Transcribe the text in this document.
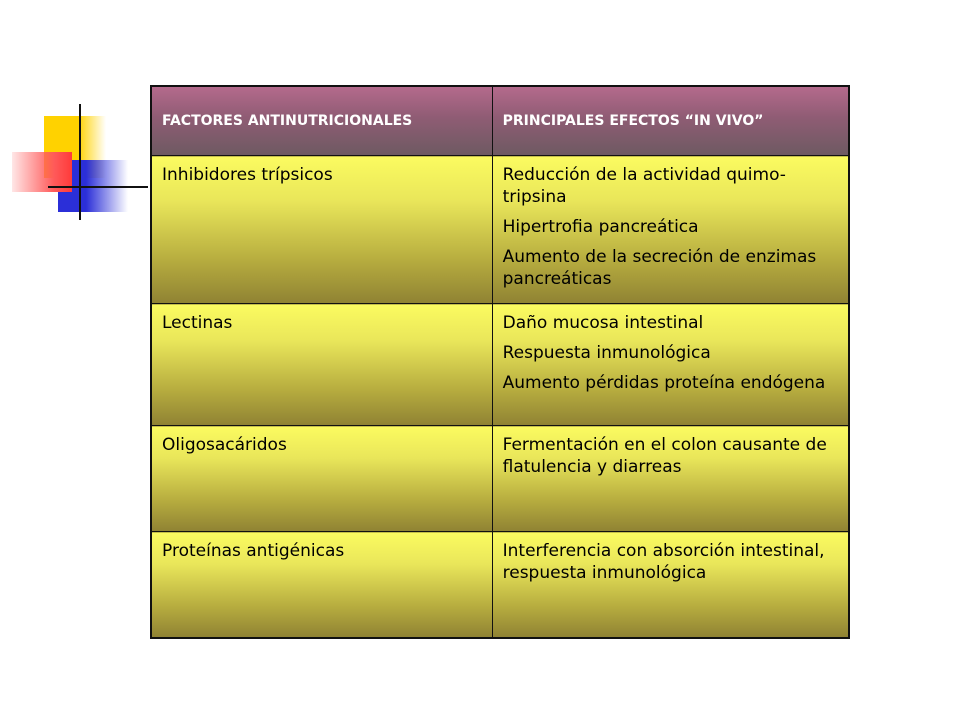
FACTORES ANTINUTRICIONALES	PRINCIPALES EFECTOS “IN VIVO”
Inhibidores trípsicos	Reducción de la actividad quimo-tripsina
Hipertrofia pancreática
Aumento de la secreción de enzimas pancreáticas

Lectinas	Daño mucosa intestinal
Respuesta inmunológica
Aumento pérdidas proteína endógena

Oligosacáridos	Fermentación en el colon causante de flatulencia y diarreas

Proteínas antigénicas	Interferencia con absorción intestinal, respuesta inmunológica
